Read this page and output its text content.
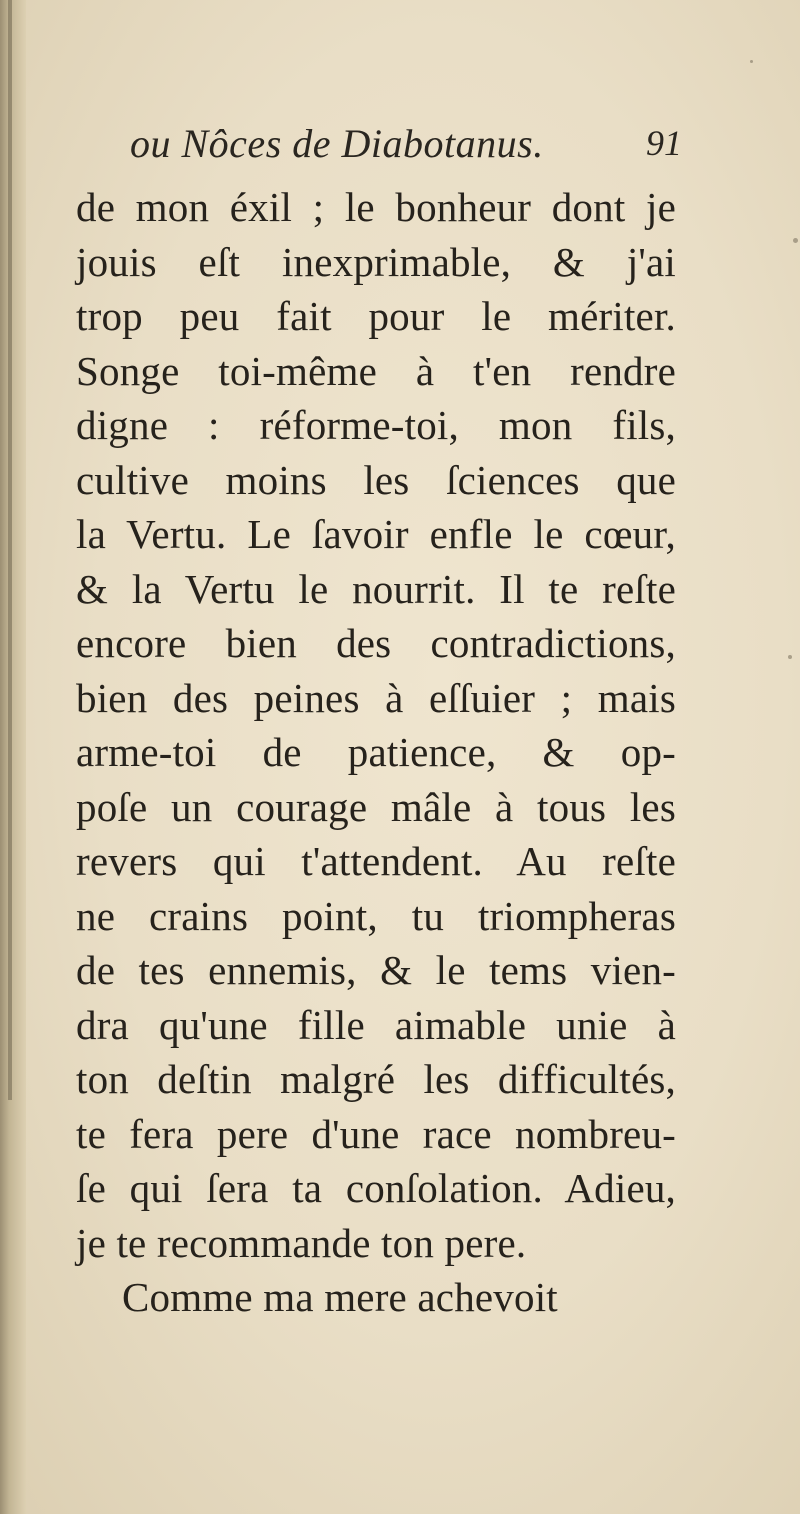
ou Nôces de Diabotanus.	91
de mon éxil ; le bonheur dont je
jouis eſt inexprimable, & j'ai
trop peu fait pour le mériter.
Songe toi-même à t'en rendre
digne : réforme-toi, mon fils,
cultive moins les ſciences que
la Vertu. Le ſavoir enfle le cœur,
& la Vertu le nourrit. Il te reſte
encore bien des contradictions,
bien des peines à eſſuier ; mais
arme-toi de patience, & op-
poſe un courage mâle à tous les
revers qui t'attendent. Au reſte
ne crains point, tu triompheras
de tes ennemis, & le tems vien-
dra qu'une fille aimable unie à
ton deſtin malgré les difficultés,
te fera pere d'une race nombreu-
ſe qui ſera ta conſolation. Adieu,
je te recommande ton pere.
Comme ma mere achevoit
